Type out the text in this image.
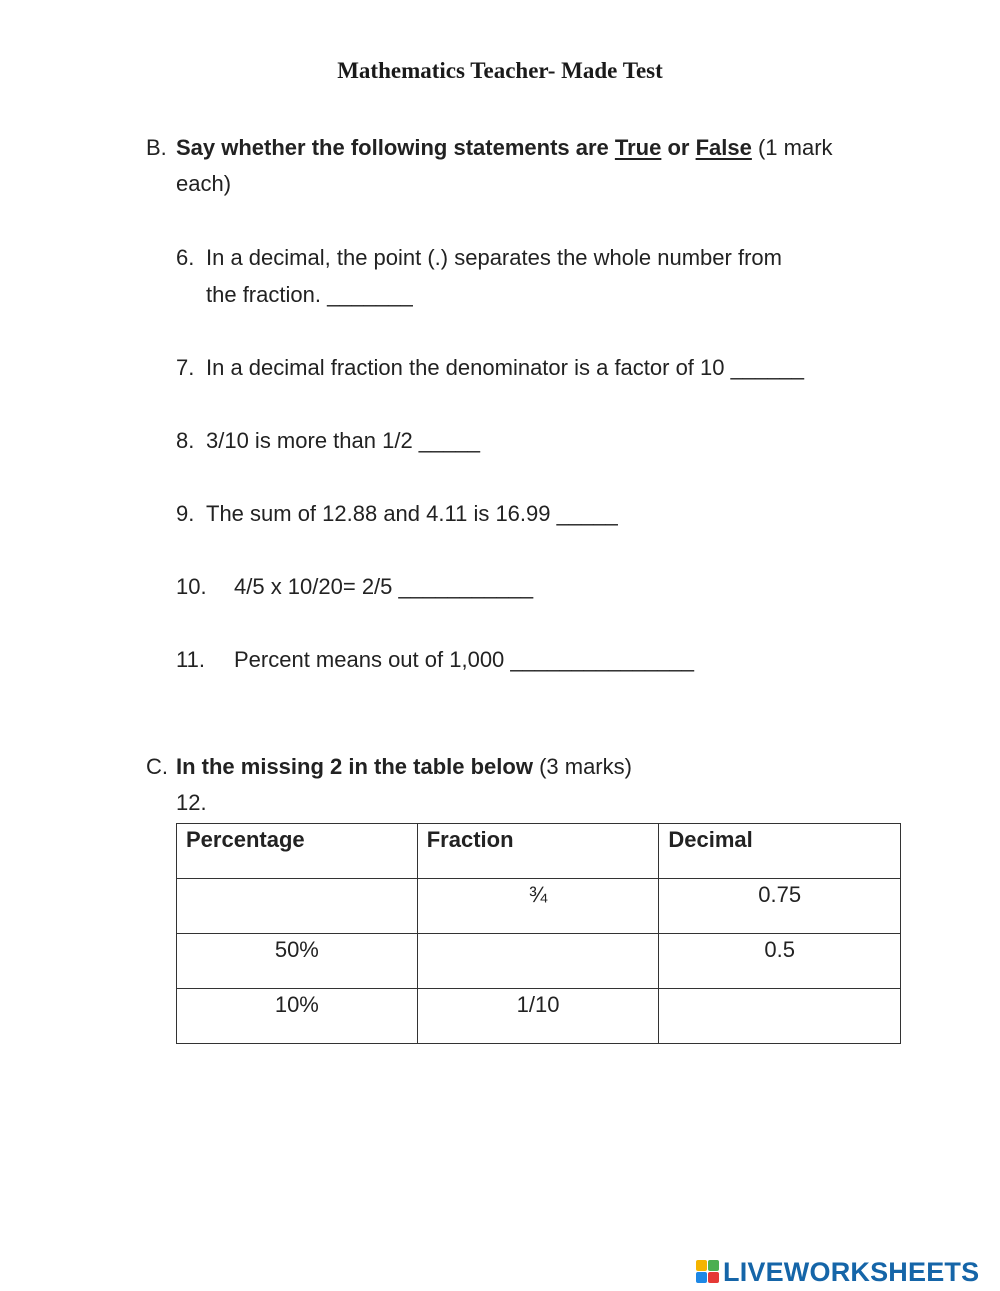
Mathematics Teacher- Made Test
B. Say whether the following statements are True or False (1 mark
each)
6. In a decimal, the point (.) separates the whole number from
the fraction. _______
7. In a decimal fraction the denominator is a factor of 10 ______
8. 3/10 is more than 1/2 _____
9. The sum of 12.88 and 4.11 is 16.99 _____
10. 4/5 x 10/20= 2/5 ___________
11. Percent means out of 1,000 _______________
C. In the missing 2 in the table below (3 marks)
12.
Percentage	Fraction	Decimal
	¾	0.75
50%		0.5
10%	1/10	
LIVEWORKSHEETS
